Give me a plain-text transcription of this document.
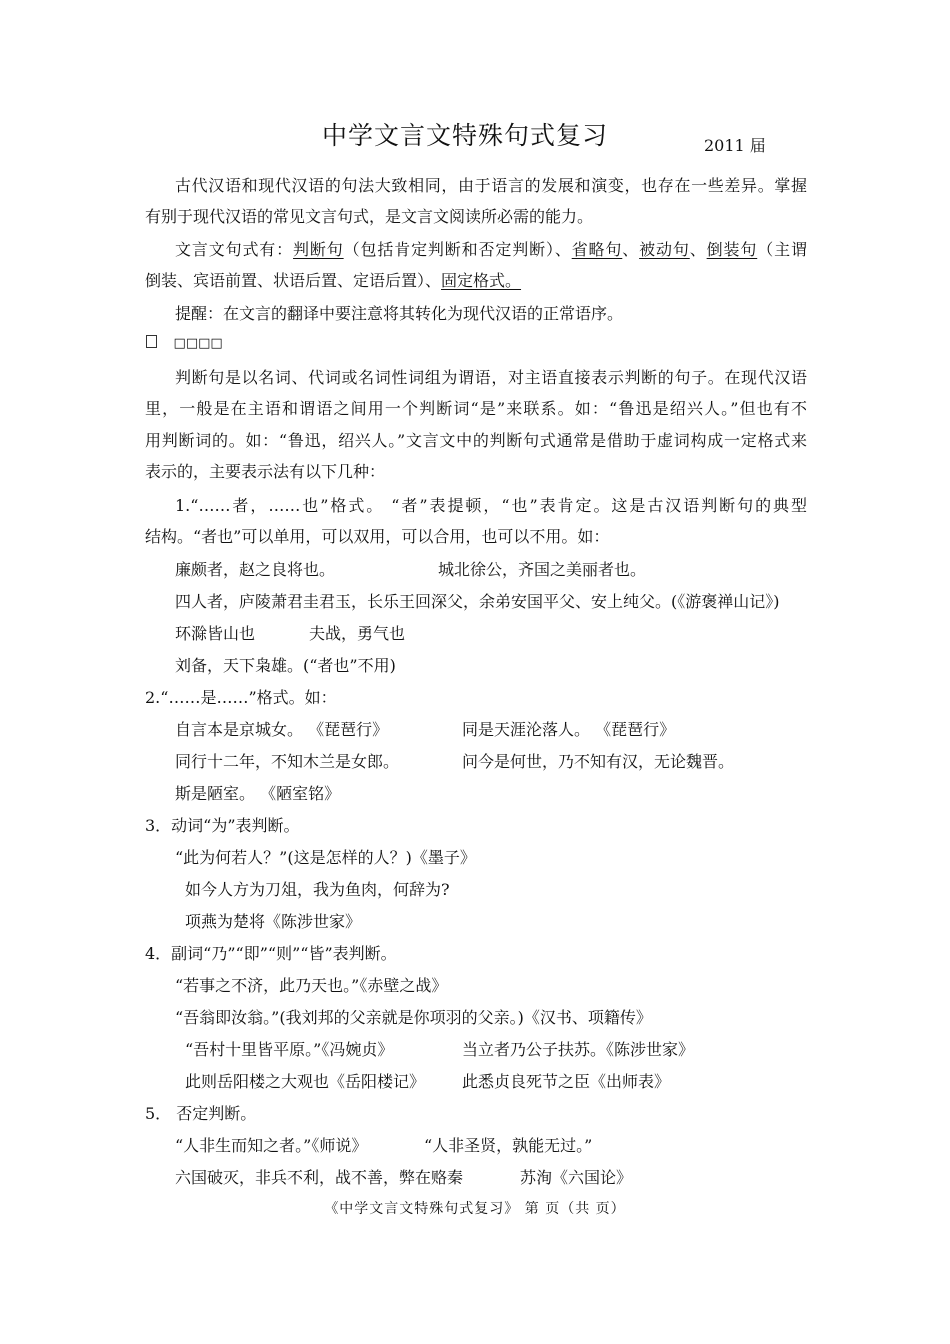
中学文言文特殊句式复习	2011 届
古代汉语和现代汉语的句法大致相同，由于语言的发展和演变，也存在一些差异。掌握
有别于现代汉语的常见文言句式，是文言文阅读所必需的能力。
文言文句式有：判断句（包括肯定判断和否定判断）、省略句、被动句、倒装句（主谓
倒装、宾语前置、状语后置、定语后置）、固定格式。
提醒：在文言的翻译中要注意将其转化为现代汉语的正常语序。
□□□□
判断句是以名词、代词或名词性词组为谓语，对主语直接表示判断的句子。在现代汉语
里，一般是在主语和谓语之间用一个判断词“是”来联系。如：“鲁迅是绍兴人。”但也有不
用判断词的。如：“鲁迅，绍兴人。”文言文中的判断句式通常是借助于虚词构成一定格式来
表示的，主要表示法有以下几种：
1.“……者，……也”格式。 “者”表提顿，“也”表肯定。这是古汉语判断句的典型
结构。“者也”可以单用，可以双用，可以合用，也可以不用。如：
廉颇者，赵之良将也。	城北徐公，齐国之美丽者也。
四人者，庐陵萧君圭君玉，长乐王回深父，余弟安国平父、安上纯父。(《游褒禅山记》)
环滁皆山也	夫战，勇气也
刘备，天下枭雄。(“者也”不用)
2.“……是……”格式。如：
自言本是京城女。 《琵琶行》	同是天涯沦落人。 《琵琶行》
同行十二年，不知木兰是女郎。	问今是何世，乃不知有汉，无论魏晋。
斯是陋室。 《陋室铭》
3．动词“为”表判断。
“此为何若人？”(这是怎样的人？)《墨子》
如今人方为刀俎，我为鱼肉，何辞为?
项燕为楚将《陈涉世家》
4．副词“乃”“即”“则”“皆”表判断。
“若事之不济，此乃天也。”《赤壁之战》
“吾翁即汝翁。”(我刘邦的父亲就是你项羽的父亲。)《汉书、项籍传》
“吾村十里皆平原。”《冯婉贞》	当立者乃公子扶苏。《陈涉世家》
此则岳阳楼之大观也《岳阳楼记》 此悉贞良死节之臣《出师表》
5． 否定判断。
“人非生而知之者。”《师说》	“人非圣贤，孰能无过。”
六国破灭，非兵不利，战不善，弊在赂秦	苏洵《六国论》
《中学文言文特殊句式复习》 第 页（共 页）
